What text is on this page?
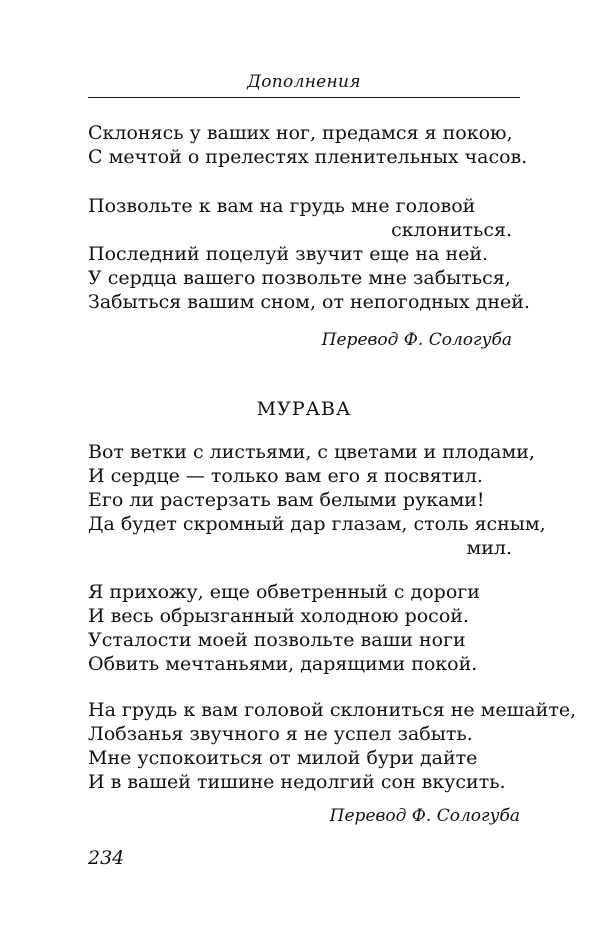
Дополнения
Склонясь у ваших ног, предамся я покою,
С мечтой о прелестях пленительных часов.
Позвольте к вам на грудь мне головой
склониться.
Последний поцелуй звучит еще на ней.
У сердца вашего позвольте мне забыться,
Забыться вашим сном, от непогодных дней.
Перевод Ф. Сологуба
МУРАВА
Вот ветки с листьями, с цветами и плодами,
И сердце — только вам его я посвятил.
Его ли растерзать вам белыми руками!
Да будет скромный дар глазам, столь ясным,
мил.
Я прихожу, еще обветренный с дороги
И весь обрызганный холодною росой.
Усталости моей позвольте ваши ноги
Обвить мечтаньями, дарящими покой.
На грудь к вам головой склониться не мешайте,
Лобзанья звучного я не успел забыть.
Мне успокоиться от милой бури дайте
И в вашей тишине недолгий сон вкусить.
Перевод Ф. Сологуба
234
